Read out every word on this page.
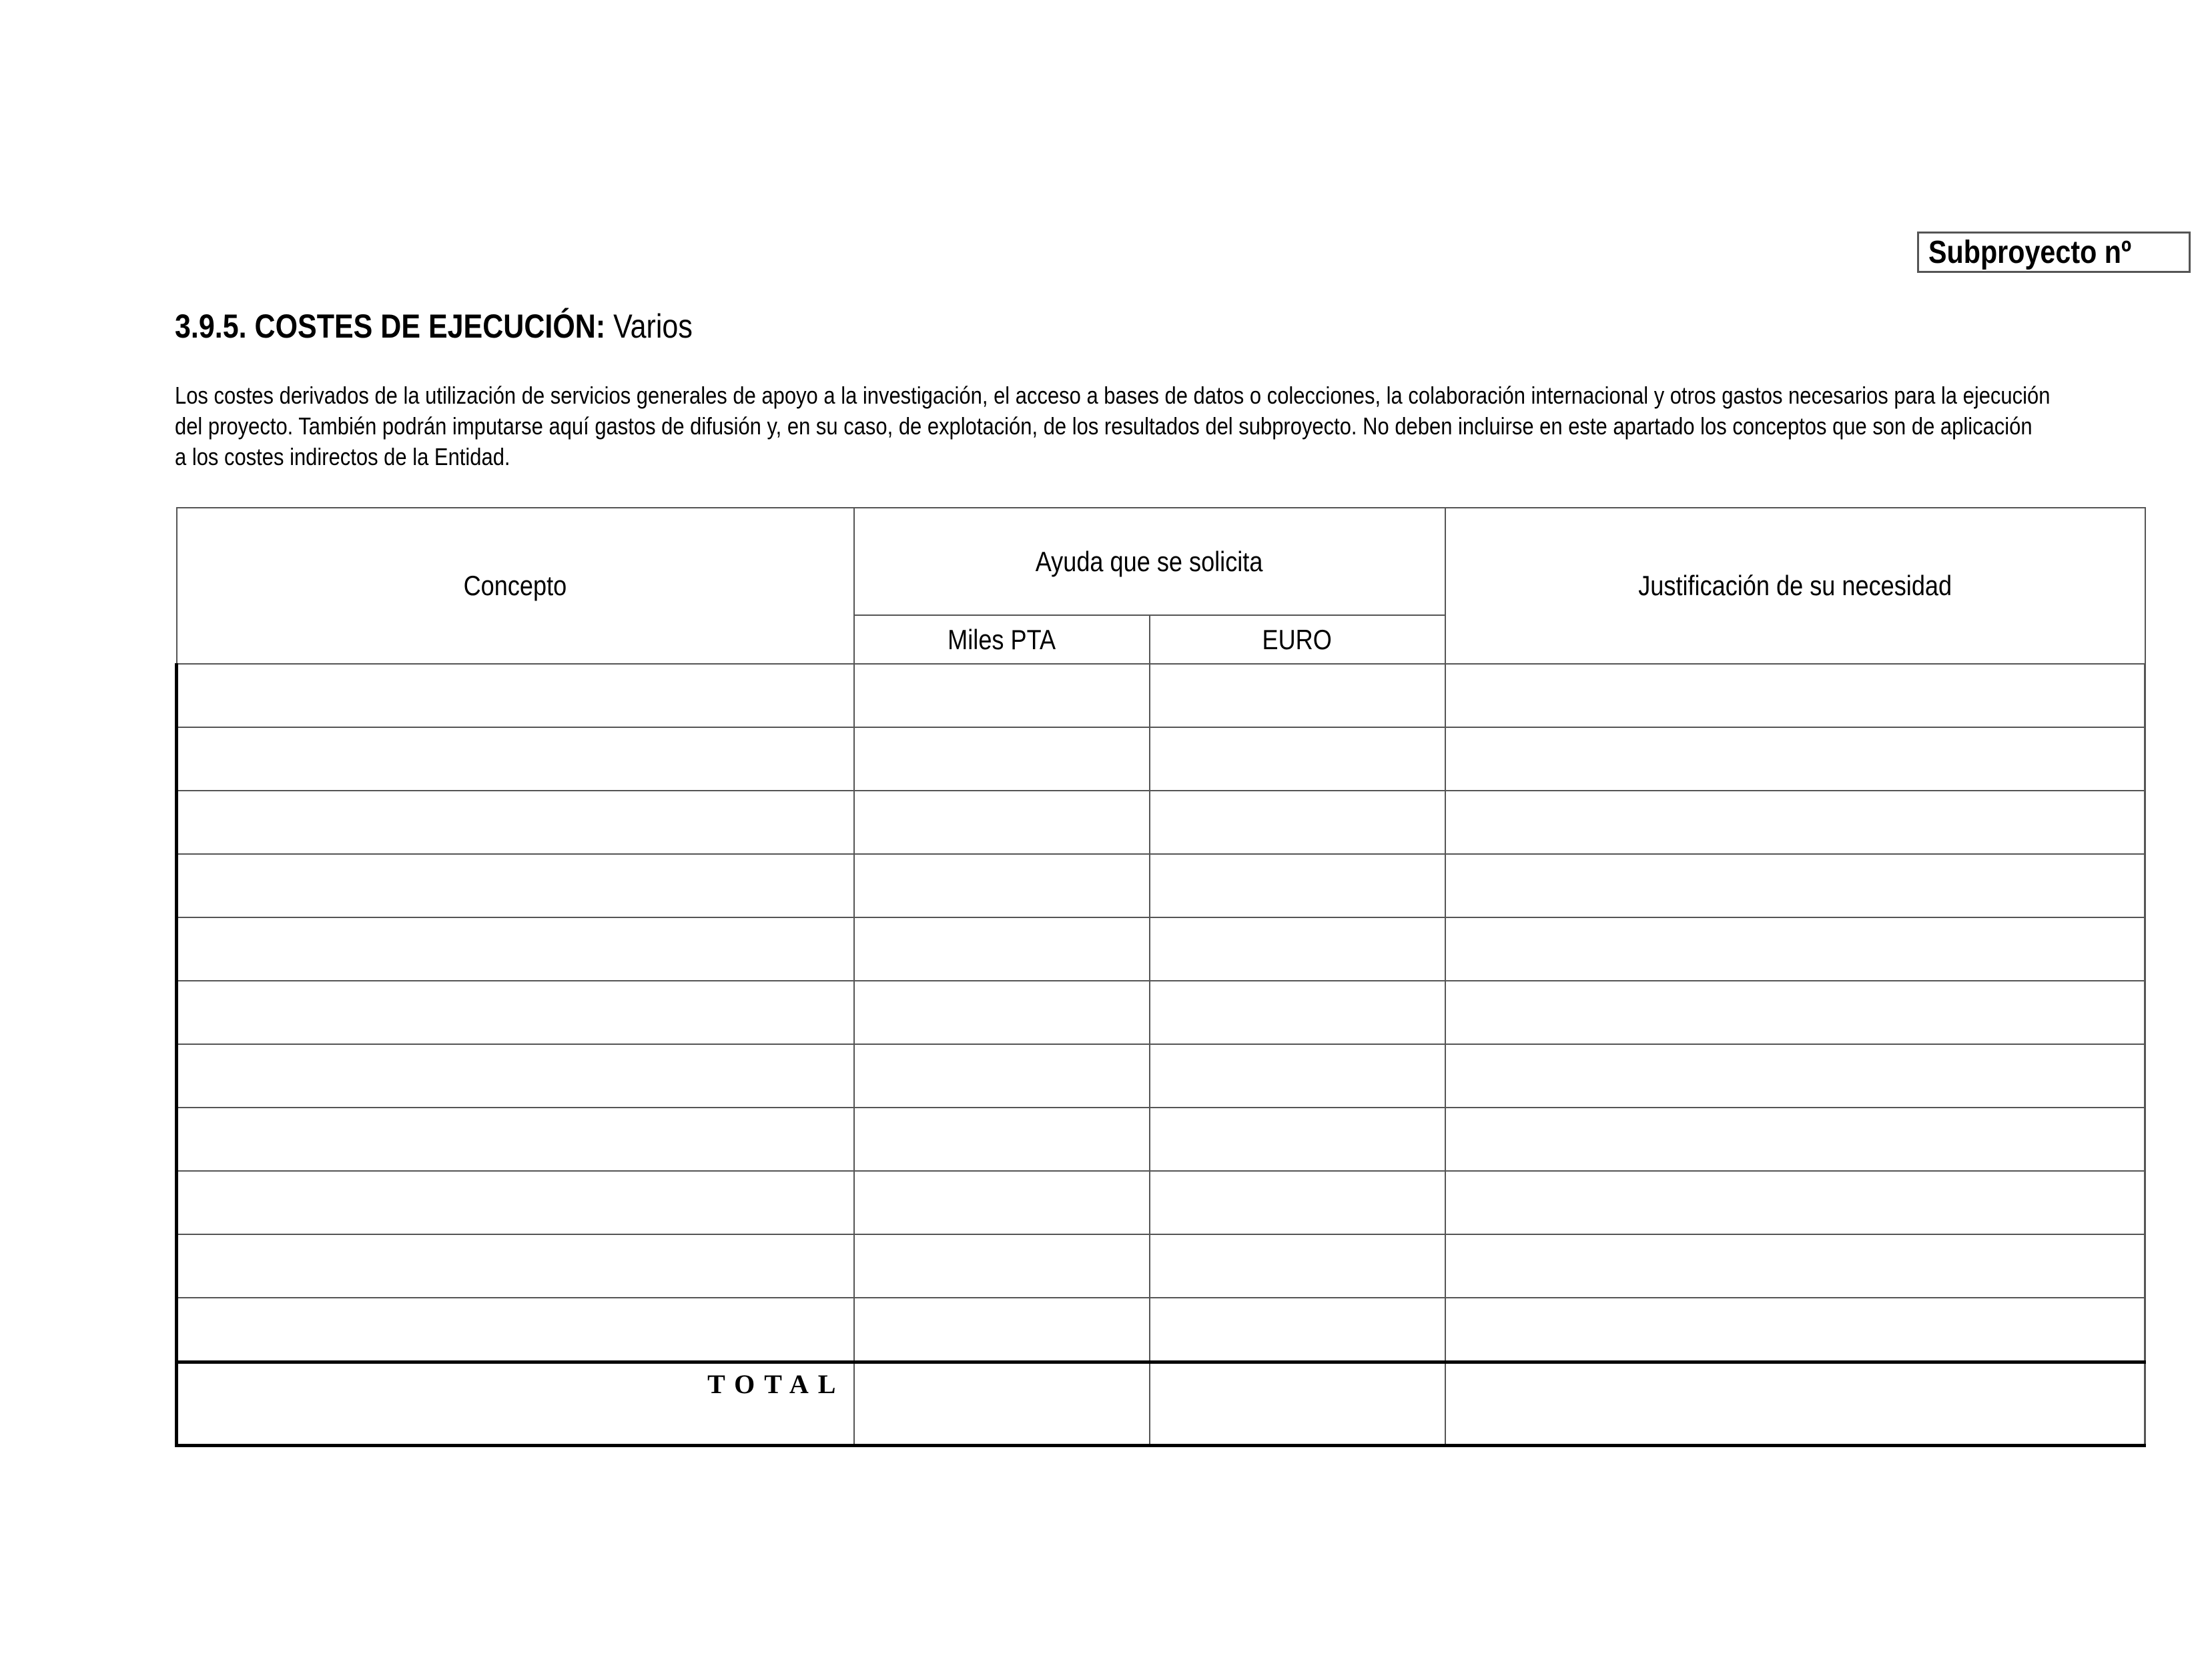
Subproyecto nº
3.9.5. COSTES DE EJECUCIÓN: Varios
Los costes derivados de la utilización de servicios generales de apoyo a la investigación, el acceso a bases de datos o colecciones, la colaboración internacional y otros gastos necesarios para la ejecución
del proyecto. También podrán imputarse aquí gastos de difusión y, en su caso, de explotación, de los resultados del subproyecto. No deben incluirse en este apartado los conceptos que son de aplicación
a los costes indirectos de la Entidad.
Concepto	Ayuda que se solicita		Justificación de su necesidad
	Miles PTA	EURO	

TOTAL			
